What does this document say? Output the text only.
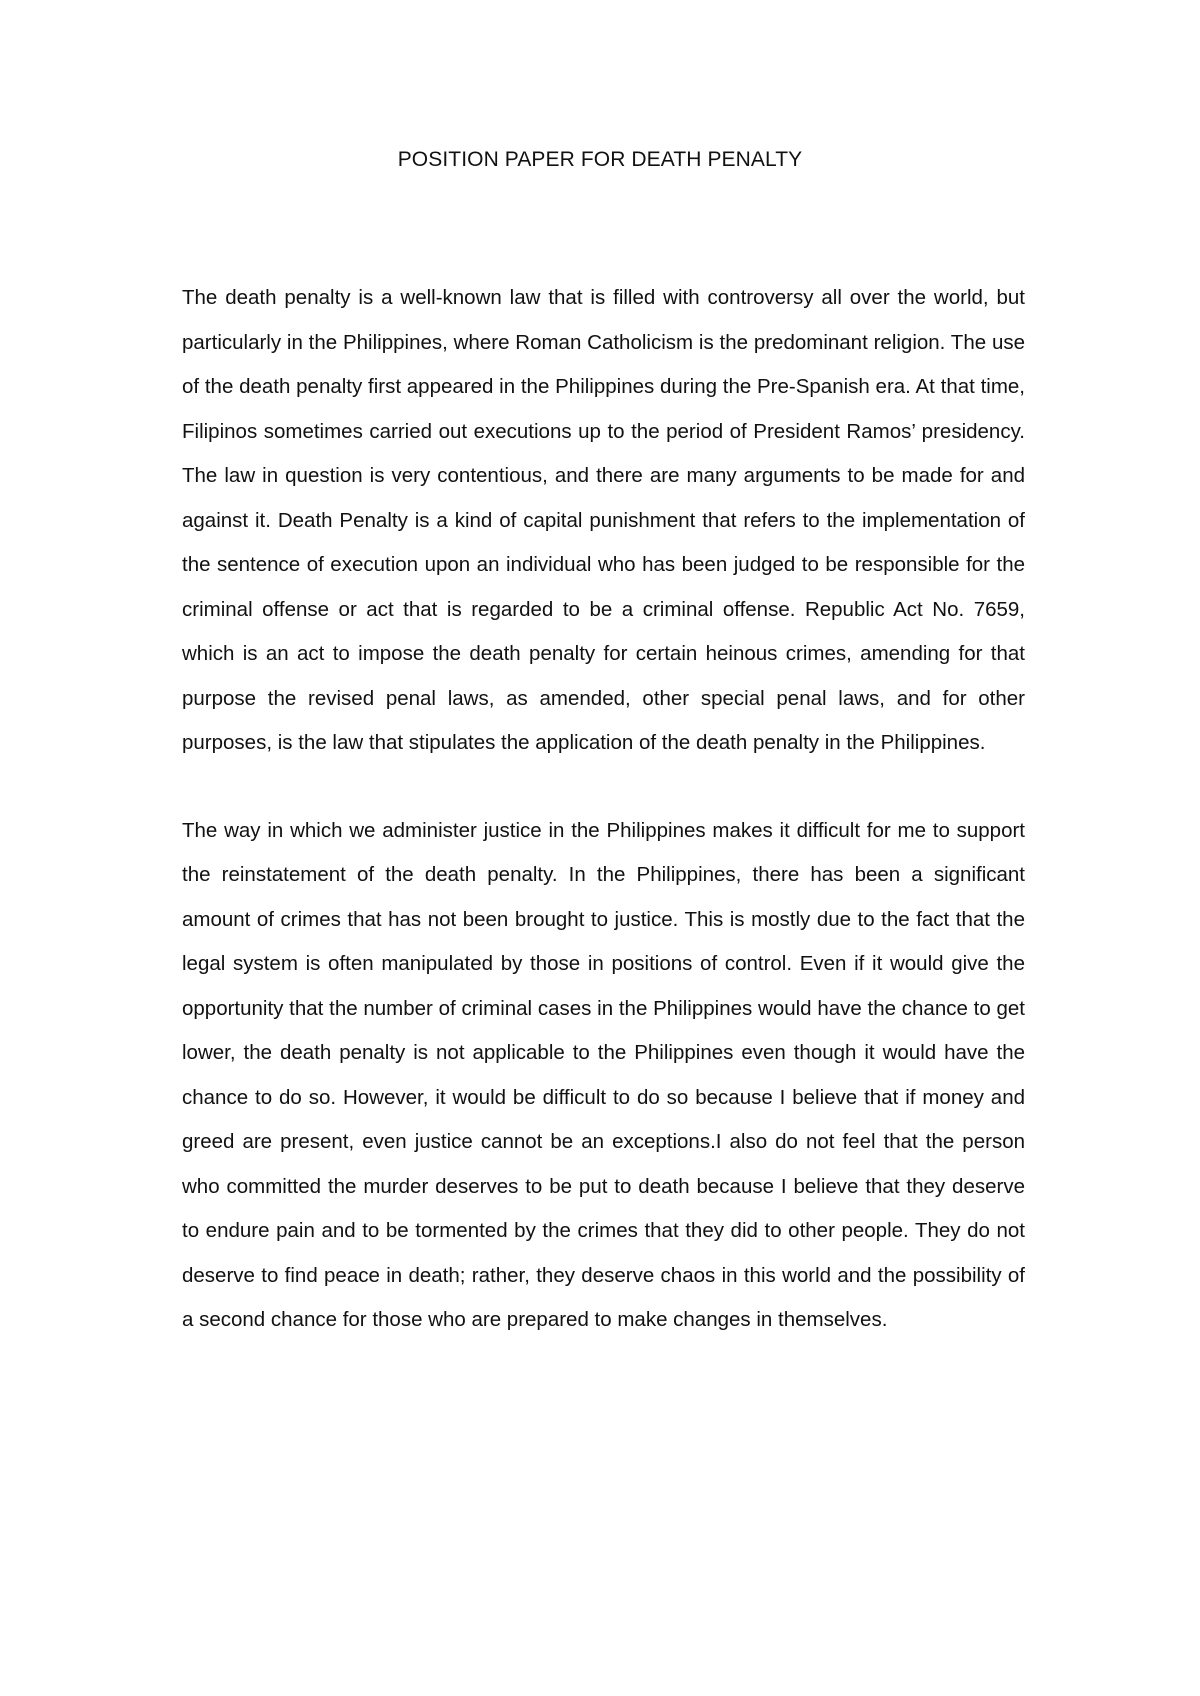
POSITION PAPER FOR DEATH PENALTY

The death penalty is a well-known law that is filled with controversy all over the world, but particularly in the Philippines, where Roman Catholicism is the predominant religion. The use of the death penalty first appeared in the Philippines during the Pre-Spanish era. At that time, Filipinos sometimes carried out executions up to the period of President Ramos’ presidency. The law in question is very contentious, and there are many arguments to be made for and against it. Death Penalty is a kind of capital punishment that refers to the implementation of the sentence of execution upon an individual who has been judged to be responsible for the criminal offense or act that is regarded to be a criminal offense. Republic Act No. 7659, which is an act to impose the death penalty for certain heinous crimes, amending for that purpose the revised penal laws, as amended, other special penal laws, and for other purposes, is the law that stipulates the application of the death penalty in the Philippines.

The way in which we administer justice in the Philippines makes it difficult for me to support the reinstatement of the death penalty. In the Philippines, there has been a significant amount of crimes that has not been brought to justice. This is mostly due to the fact that the legal system is often manipulated by those in positions of control. Even if it would give the opportunity that the number of criminal cases in the Philippines would have the chance to get lower, the death penalty is not applicable to the Philippines even though it would have the chance to do so. However, it would be difficult to do so because I believe that if money and greed are present, even justice cannot be an exceptions.I also do not feel that the person who committed the murder deserves to be put to death because I believe that they deserve to endure pain and to be tormented by the crimes that they did to other people. They do not deserve to find peace in death; rather, they deserve chaos in this world and the possibility of a second chance for those who are prepared to make changes in themselves.
